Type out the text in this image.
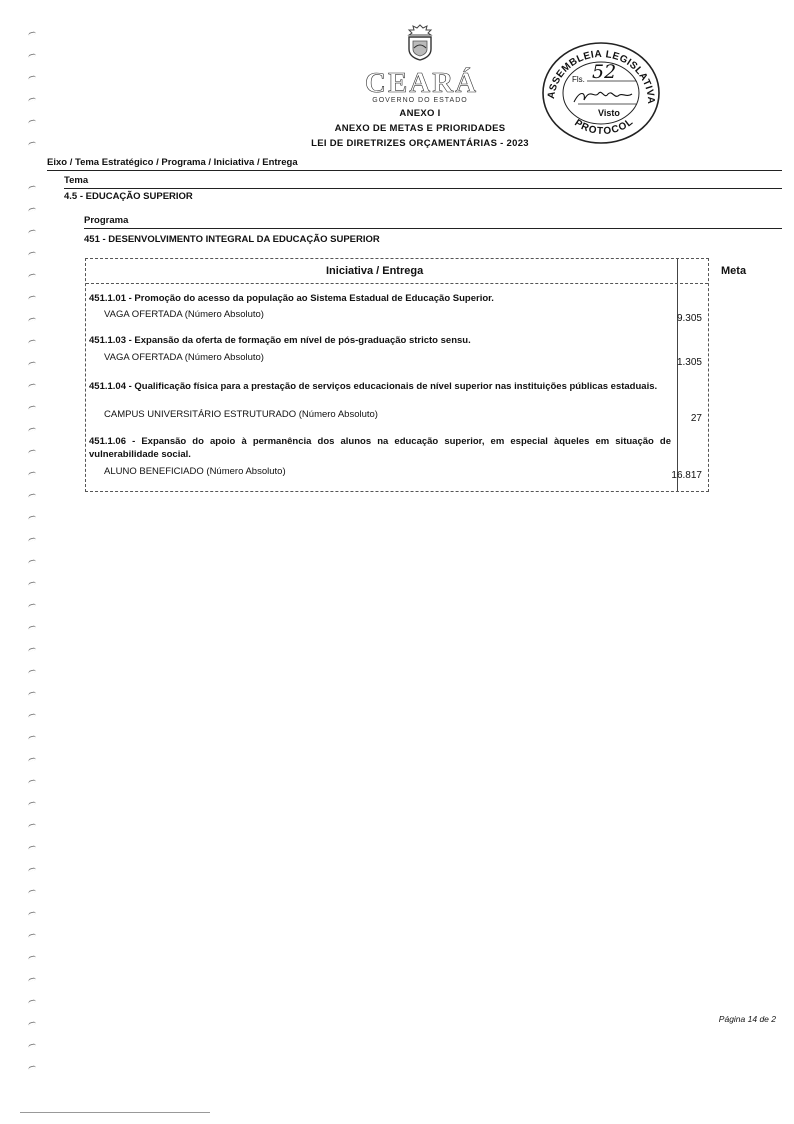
CEARÁ
GOVERNO DO ESTADO
ANEXO I
ANEXO DE METAS E PRIORIDADES
LEI DE DIRETRIZES ORÇAMENTÁRIAS - 2023
ASSEMBLEIA LEGISLATIVA
PROTOCOL
Fls. 52
Visto
Eixo / Tema Estratégico / Programa / Iniciativa / Entrega
Tema
4.5 - EDUCAÇÃO SUPERIOR
Programa
451 - DESENVOLVIMENTO INTEGRAL DA EDUCAÇÃO SUPERIOR
Iniciativa / Entrega	Meta
451.1.01 - Promoção do acesso da população ao Sistema Estadual de Educação Superior.
VAGA OFERTADA (Número Absoluto)	9.305
451.1.03 - Expansão da oferta de formação em nível de pós-graduação stricto sensu.
VAGA OFERTADA (Número Absoluto)	1.305
451.1.04 - Qualificação física para a prestação de serviços educacionais de nível superior nas instituições públicas estaduais.
CAMPUS UNIVERSITÁRIO ESTRUTURADO (Número Absoluto)	27
451.1.06 - Expansão do apoio à permanência dos alunos na educação superior, em especial àqueles em situação de vulnerabilidade social.
ALUNO BENEFICIADO (Número Absoluto)	16.817
Página 14 de 2
